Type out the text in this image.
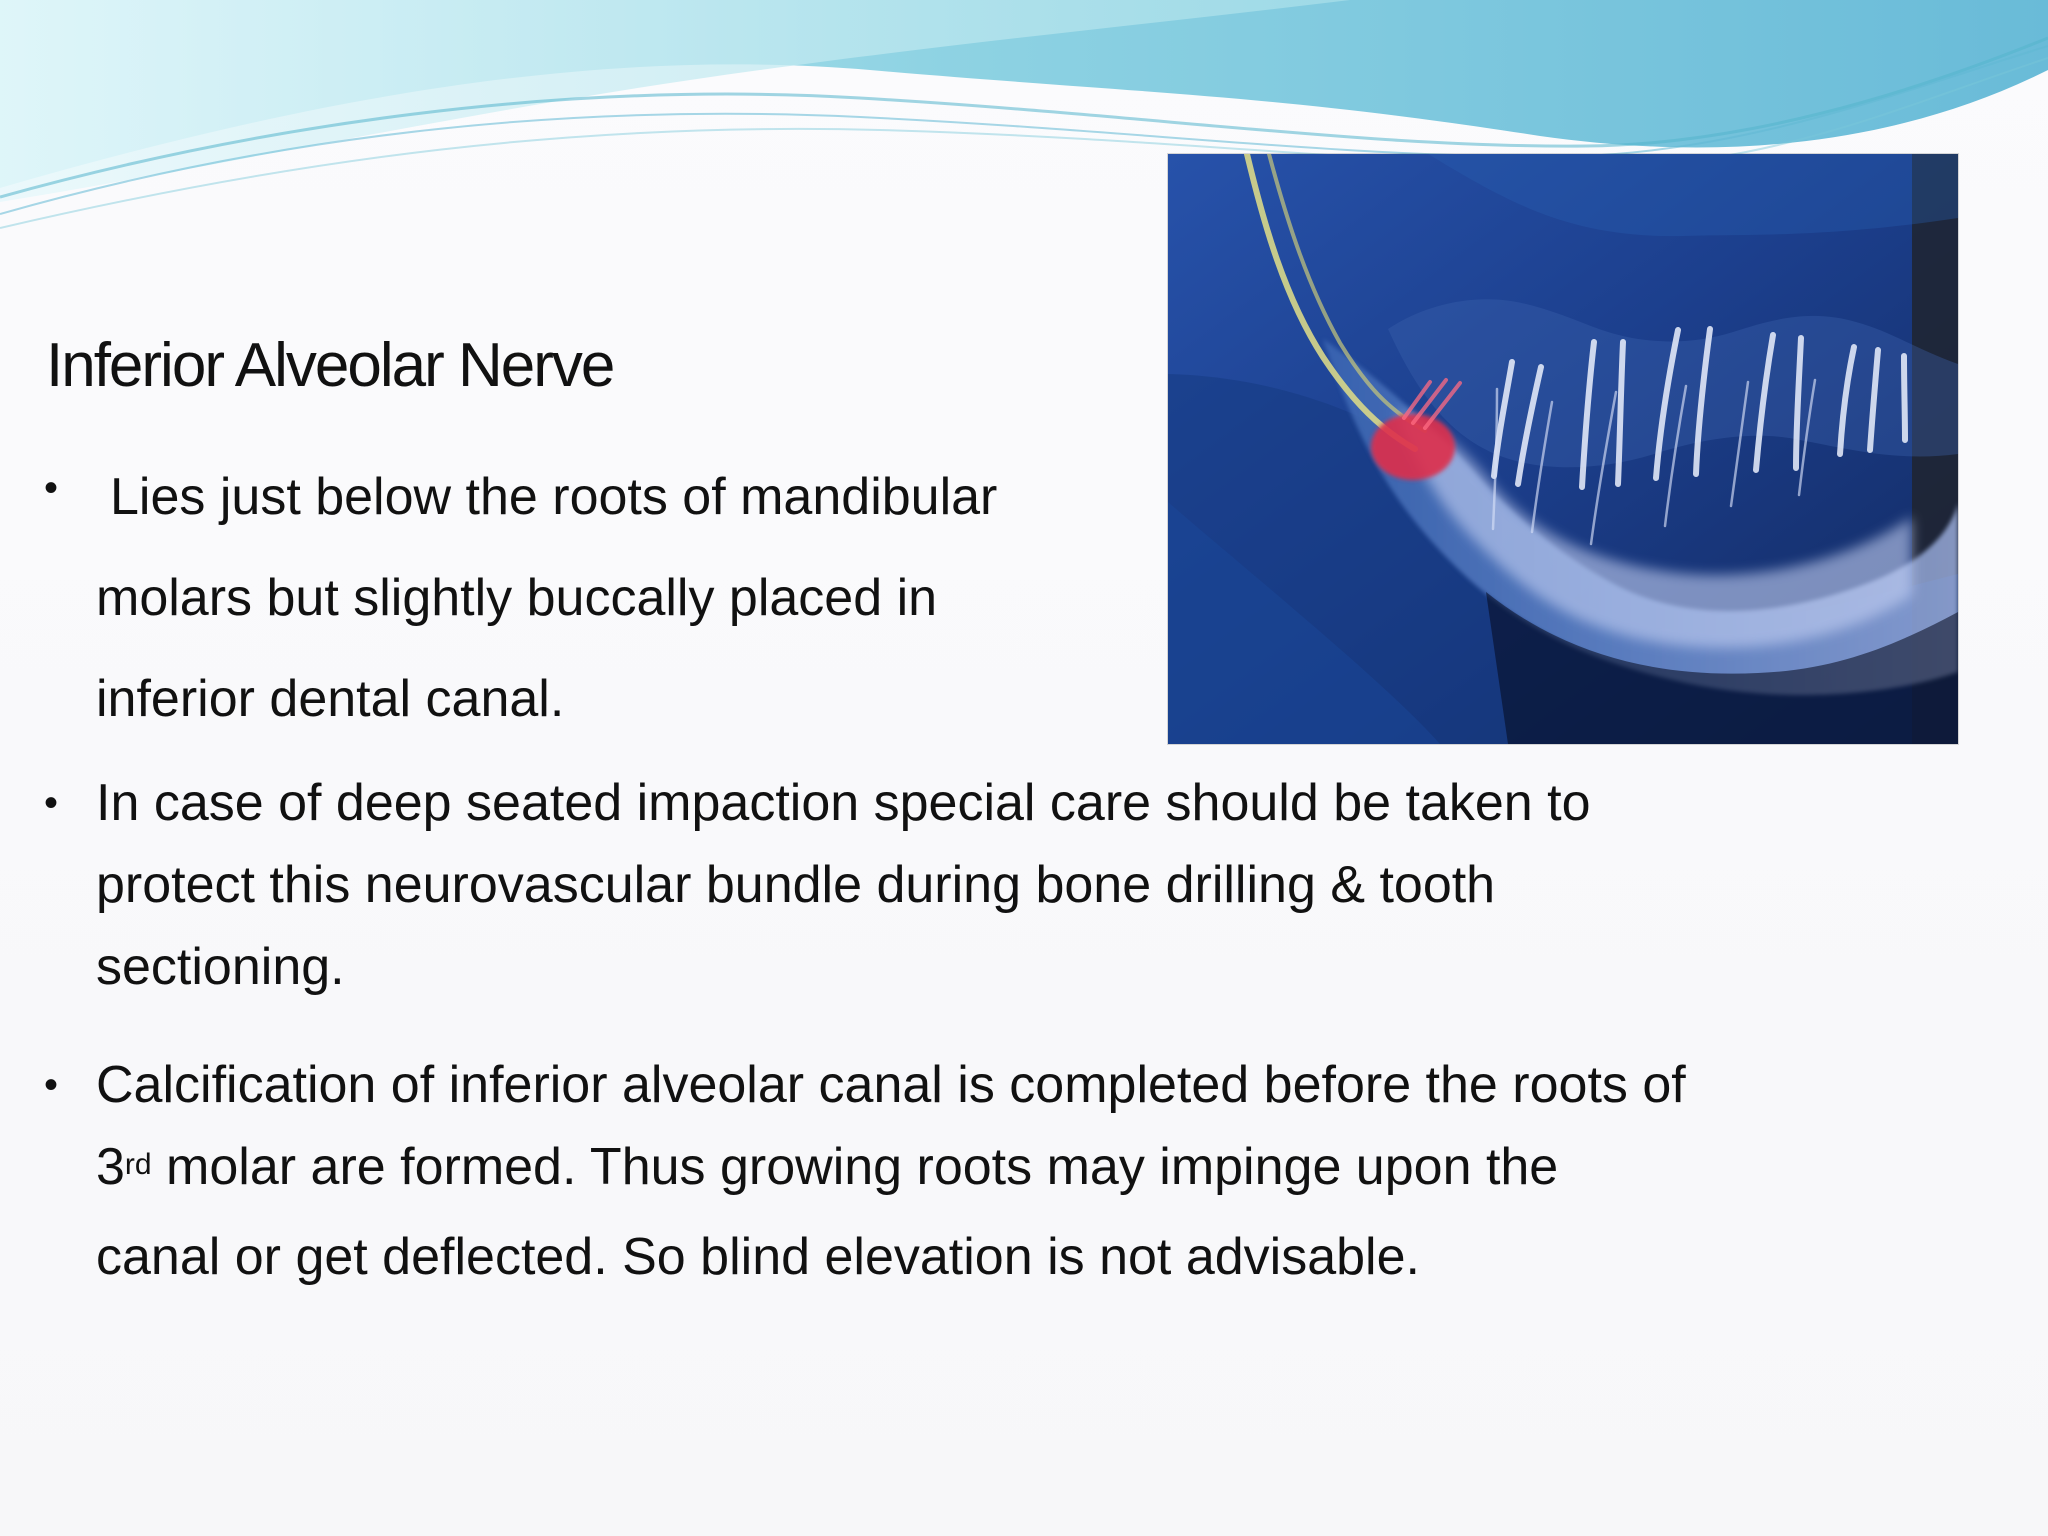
Inferior Alveolar Nerve
• Lies just below the roots of mandibular
molars but slightly buccally placed in
inferior dental canal.
• In case of deep seated impaction special care should be taken to
protect this neurovascular bundle during bone drilling & tooth
sectioning.
• Calcification of inferior alveolar canal is completed before the roots of
3rd molar are formed. Thus growing roots may impinge upon the
canal or get deflected. So blind elevation is not advisable.
